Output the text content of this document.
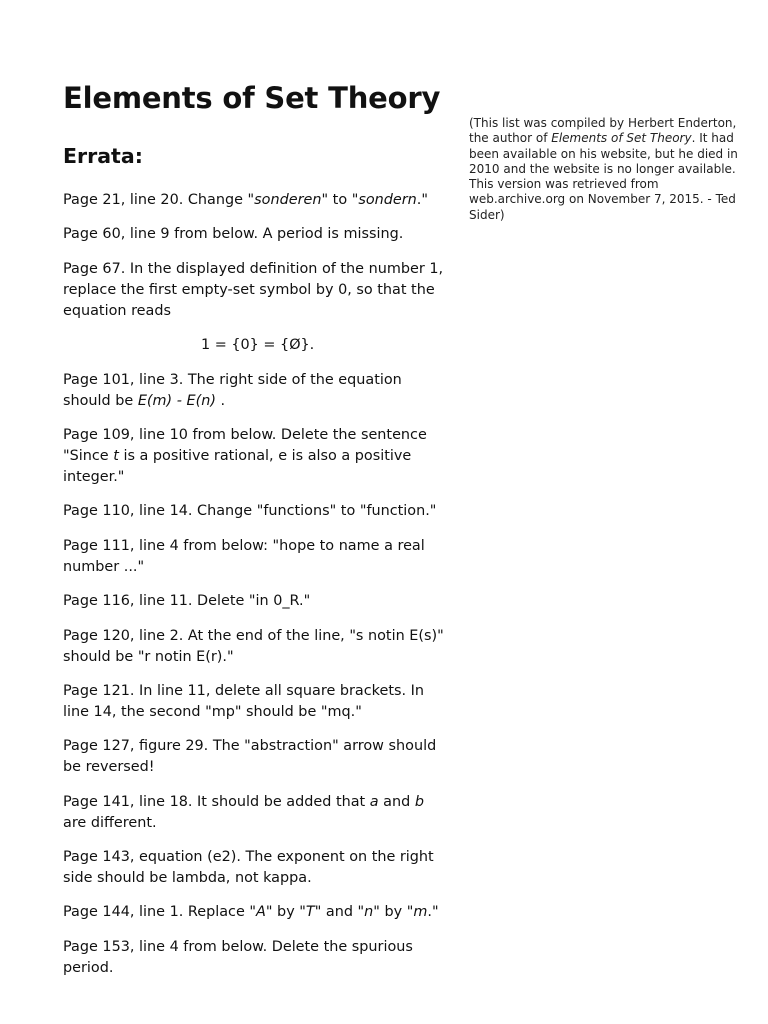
Elements of Set Theory
Errata:
(This list was compiled by Herbert Enderton,
the author of Elements of Set Theory. It had
been available on his website, but he died in
2010 and the website is no longer available.
This version was retrieved from
web.archive.org on November 7, 2015. - Ted
Sider)
Page 21, line 20. Change "sonderen" to "sondern."
Page 60, line 9 from below. A period is missing.
Page 67. In the displayed definition of the number 1,
replace the first empty-set symbol by 0, so that the
equation reads
1 = {0} = {Ø}.
Page 101, line 3. The right side of the equation
should be E(m) - E(n) .
Page 109, line 10 from below. Delete the sentence
"Since t is a positive rational, e is also a positive
integer."
Page 110, line 14. Change "functions" to "function."
Page 111, line 4 from below: "hope to name a real
number ..."
Page 116, line 11. Delete "in 0_R."
Page 120, line 2. At the end of the line, "s notin E(s)"
should be "r notin E(r)."
Page 121. In line 11, delete all square brackets. In
line 14, the second "mp" should be "mq."
Page 127, figure 29. The "abstraction" arrow should
be reversed!
Page 141, line 18. It should be added that a and b
are different.
Page 143, equation (e2). The exponent on the right
side should be lambda, not kappa.
Page 144, line 1. Replace "A" by "T" and "n" by "m."
Page 153, line 4 from below. Delete the spurious
period.
